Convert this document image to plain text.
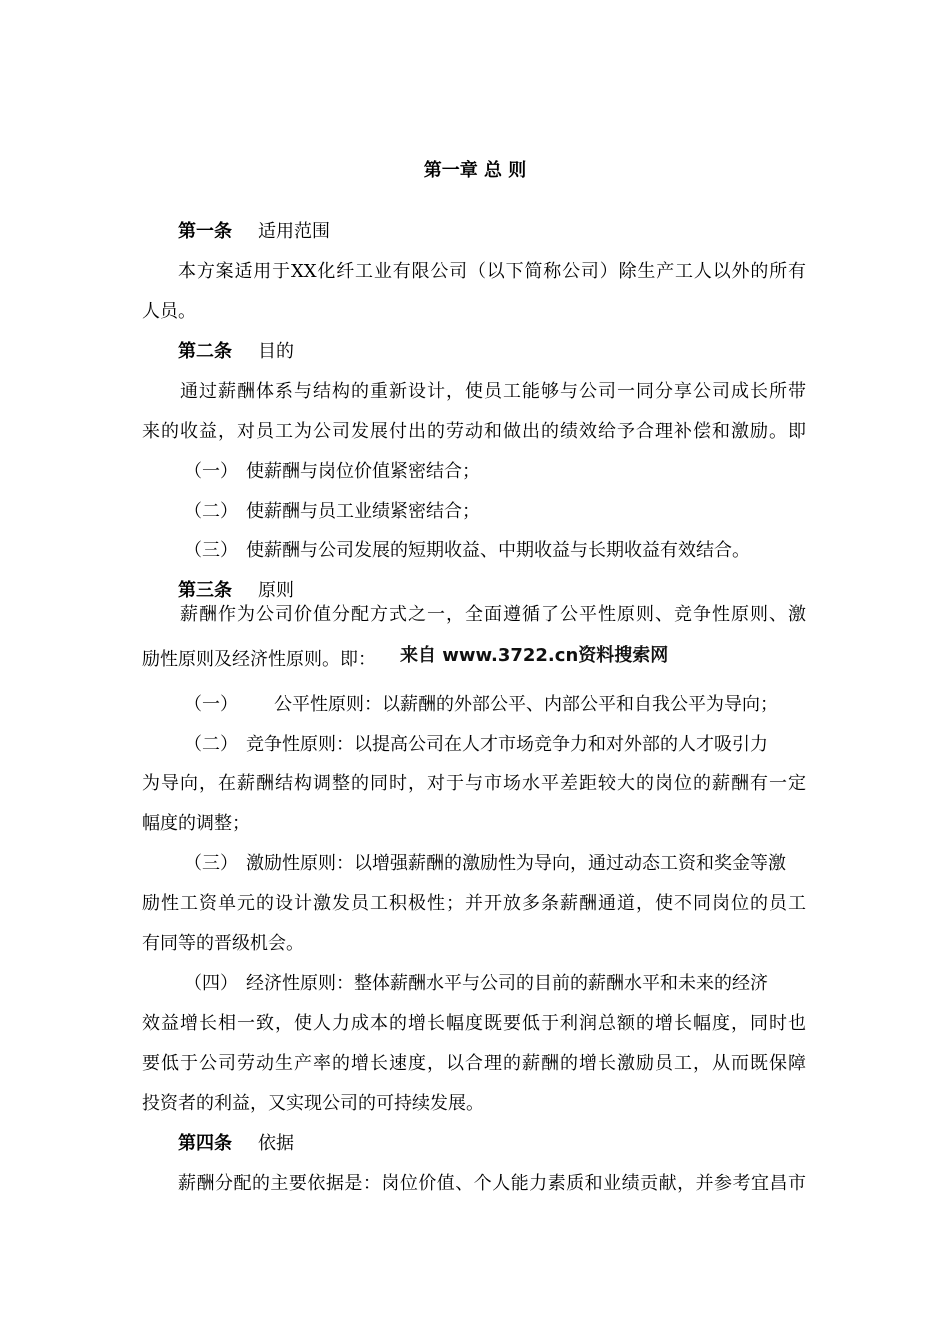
第一章 总 则
第一条 适用范围
本方案适用于XX化纤工业有限公司（以下简称公司）除生产工人以外的所有
人员。
第二条 目的
通过薪酬体系与结构的重新设计，使员工能够与公司一同分享公司成长所带
来的收益，对员工为公司发展付出的劳动和做出的绩效给予合理补偿和激励。即
（一） 使薪酬与岗位价值紧密结合；
（二） 使薪酬与员工业绩紧密结合；
（三） 使薪酬与公司发展的短期收益、中期收益与长期收益有效结合。
第三条 原则
薪酬作为公司价值分配方式之一，全面遵循了公平性原则、竞争性原则、激
励性原则及经济性原则。即： 来自 www.3722.cn资料搜索网
（一） 公平性原则：以薪酬的外部公平、内部公平和自我公平为导向；
（二） 竞争性原则：以提高公司在人才市场竞争力和对外部的人才吸引力
为导向，在薪酬结构调整的同时，对于与市场水平差距较大的岗位的薪酬有一定
幅度的调整；
（三） 激励性原则：以增强薪酬的激励性为导向，通过动态工资和奖金等激
励性工资单元的设计激发员工积极性；并开放多条薪酬通道，使不同岗位的员工
有同等的晋级机会。
（四） 经济性原则：整体薪酬水平与公司的目前的薪酬水平和未来的经济
效益增长相一致，使人力成本的增长幅度既要低于利润总额的增长幅度，同时也
要低于公司劳动生产率的增长速度，以合理的薪酬的增长激励员工，从而既保障
投资者的利益，又实现公司的可持续发展。
第四条 依据
薪酬分配的主要依据是：岗位价值、个人能力素质和业绩贡献，并参考宜昌市
